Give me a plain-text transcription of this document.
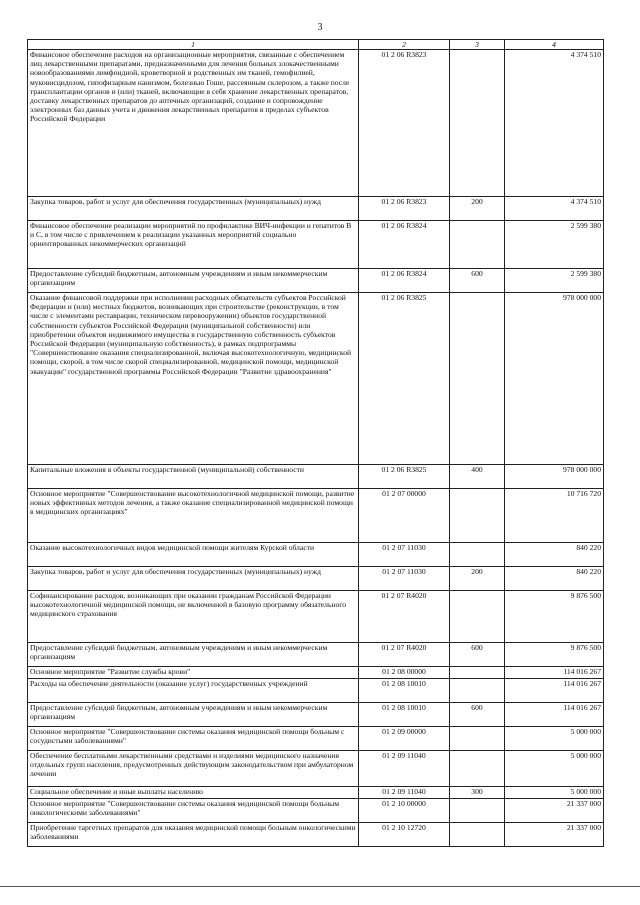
3
1	2	3	4
Финансовое обеспечение расходов на организационные мероприятия, связанные с обеспечением лиц лекарственными препаратами, предназначенными для лечения больных злокачественными новообразованиями лимфоидной, кроветворной и родственных им тканей, гемофилией, муковисцидозом, гипофизарным нанизмом, болезнью Гоше, рассеянным склерозом, а также после трансплантации органов и (или) тканей, включающие в себя хранение лекарственных препаратов, доставку лекарственных препаратов до аптечных организаций, создание и сопровождение электронных баз данных учета и движения лекарственных препаратов в пределах субъектов Российской Федерации	01 2 06 R3823		4 374 510
Закупка товаров, работ и услуг для обеспечения государственных (муниципальных) нужд	01 2 06 R3823	200	4 374 510
Финансовое обеспечение реализации мероприятий по профилактике ВИЧ-инфекции и гепатитов В и С, в том числе с привлечением к реализации указанных мероприятий социально ориентированных некоммерческих организаций	01 2 06 R3824		2 599 380
Предоставление субсидий бюджетным, автономным учреждениям и иным некоммерческим организациям	01 2 06 R3824	600	2 599 380
Оказание финансовой поддержки при исполнении расходных обязательств субъектов Российской Федерации и (или) местных бюджетов, возникающих при строительстве (реконструкции, в том числе с элементами реставрации, техническом перевооружении) объектов государственной собственности субъектов Российской Федерации (муниципальной собственности) или приобретении объектов недвижимого имущества в государственную собственность субъектов Российской Федерации (муниципальную собственность), в рамках подпрограммы "Совершенствование оказания специализированной, включая высокотехнологичную, медицинской помощи, скорой, в том числе скорой специализированной, медицинской помощи, медицинской эвакуации" государственной программы Российской Федерации "Развитие здравоохранения"	01 2 06 R3825		978 000 000
Капитальные вложения в объекты государственной (муниципальной) собственности	01 2 06 R3825	400	978 000 000
Основное мероприятие "Совершенствование высокотехнологичной медицинской помощи, развитие новых эффективных методов лечения, а также оказание специализированной медицинской помощи в медицинских организациях"	01 2 07 00000		10 716 720
Оказание высокотехнологичных видов медицинской помощи жителям Курской области	01 2 07 11030		840 220
Закупка товаров, работ и услуг для обеспечения государственных (муниципальных) нужд	01 2 07 11030	200	840 220
Софинансирование расходов, возникающих при оказании гражданам Российской Федерации высокотехнологичной медицинской помощи, не включенной в базовую программу обязательного медицинского страхования	01 2 07 R4020		9 876 500
Предоставление субсидий бюджетным, автономным учреждениям и иным некоммерческим организациям	01 2 07 R4020	600	9 876 500
Основное мероприятие "Развитие службы крови"	01 2 08 00000		114 016 267
Расходы на обеспечение деятельности (оказание услуг) государственных учреждений	01 2 08 10010		114 016 267
Предоставление субсидий бюджетным, автономным учреждениям и иным некоммерческим организациям	01 2 08 10010	600	114 016 267
Основное мероприятие "Совершенствование системы оказания медицинской помощи больным с сосудистыми заболеваниями"	01 2 09 00000		5 000 000
Обеспечение бесплатными лекарственными средствами и изделиями медицинского назначения отдельных групп населения, предусмотренных действующим законодательством при амбулаторном лечении	01 2 09 11040		5 000 000
Социальное обеспечение и иные выплаты населению	01 2 09 11040	300	5 000 000
Основное мероприятие "Совершенствование системы оказания медицинской помощи больным онкологическими заболеваниями"	01 2 10 00000		21 337 000
Приобретение таргетных препаратов для оказания медицинской помощи больным онкологическими заболеваниями	01 2 10 12720		21 337 000
